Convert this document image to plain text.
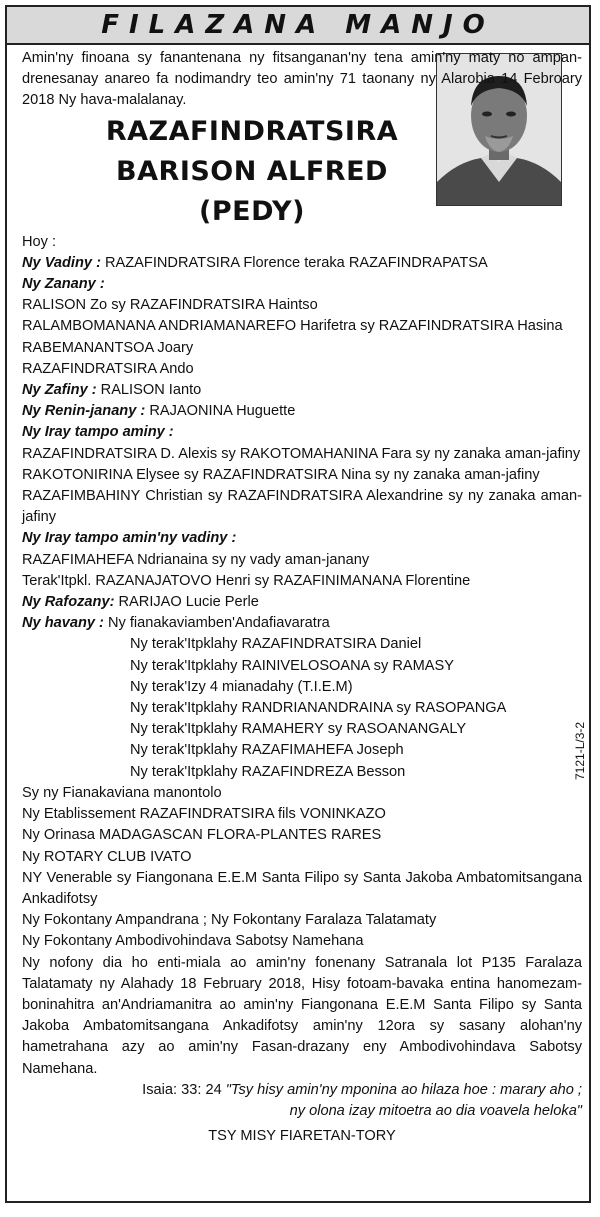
FILAZANA MANJO
7121-L/3-2

Amin'ny finoana sy fanantenana ny fitsanganan'ny tena amin'ny maty no ampan-drenesanay anareo fa nodimandry teo amin'ny 71 taonany ny Alarobia 14 Febroary 2018 Ny hava-malalanay.

RAZAFINDRATSIRA
BARISON ALFRED
(PEDY)

Hoy :

Ny Vadiny : RAZAFINDRATSIRA Florence teraka RAZAFINDRAPATSA

Ny Zanany :

RALISON Zo sy RAZAFINDRATSIRA Haintso

RALAMBOMANANA ANDRIAMANAREFO Harifetra sy RAZAFINDRATSIRA Hasina

RABEMANANTSOA Joary

RAZAFINDRATSIRA Ando

Ny Zafiny : RALISON Ianto

Ny Renin-janany : RAJAONINA Huguette

Ny Iray tampo aminy :

RAZAFINDRATSIRA D. Alexis sy RAKOTOMAHANINA Fara sy ny zanaka aman-jafiny

RAKOTONIRINA Elysee sy RAZAFINDRATSIRA Nina sy ny zanaka aman-jafiny

RAZAFIMBAHINY Christian sy RAZAFINDRATSIRA Alexandrine sy ny zanaka aman-jafiny

Ny Iray tampo amin'ny vadiny :

RAZAFIMAHEFA Ndrianaina sy ny vady aman-janany

Terak'Itpkl. RAZANAJATOVO Henri sy RAZAFINIMANANA Florentine

Ny Rafozany: RARIJAO Lucie Perle

Ny havany : Ny fianakaviamben'Andafiavaratra

Ny terak'Itpklahy RAZAFINDRATSIRA Daniel

Ny terak'Itpklahy RAINIVELOSOANA sy RAMASY

Ny terak'Izy 4 mianadahy (T.I.E.M)

Ny terak'Itpklahy RANDRIANANDRAINA sy RASOPANGA

Ny terak'Itpklahy RAMAHERY sy RASOANANGALY

Ny terak'Itpklahy RAZAFIMAHEFA Joseph

Ny terak'Itpklahy RAZAFINDREZA Besson

Sy ny Fianakaviana manontolo

Ny Etablissement RAZAFINDRATSIRA fils VONINKAZO

Ny Orinasa MADAGASCAN FLORA-PLANTES RARES

Ny ROTARY CLUB IVATO

NY Venerable sy Fiangonana E.E.M Santa Filipo sy Santa Jakoba Ambatomitsangana Ankadifotsy

Ny Fokontany Ampandrana ; Ny Fokontany Faralaza Talatamaty

Ny Fokontany Ambodivohindava Sabotsy Namehana

Ny nofony dia ho enti-miala ao amin'ny fonenany Satranala lot P135 Faralaza Talatamaty ny Alahady 18 February 2018, Hisy fotoam-bavaka entina hanomezam-boninahitra an'Andriamanitra ao amin'ny Fiangonana E.E.M Santa Filipo sy Santa Jakoba Ambatomitsangana Ankadifotsy amin'ny 12ora sy sasany alohan'ny hametrahana azy ao amin'ny Fasan-drazany eny Ambodivohindava Sabotsy Namehana.

Isaia: 33: 24 "Tsy hisy amin'ny mponina ao hilaza hoe : marary aho ;

ny olona izay mitoetra ao dia voavela heloka"

TSY MISY FIARETAN-TORY
